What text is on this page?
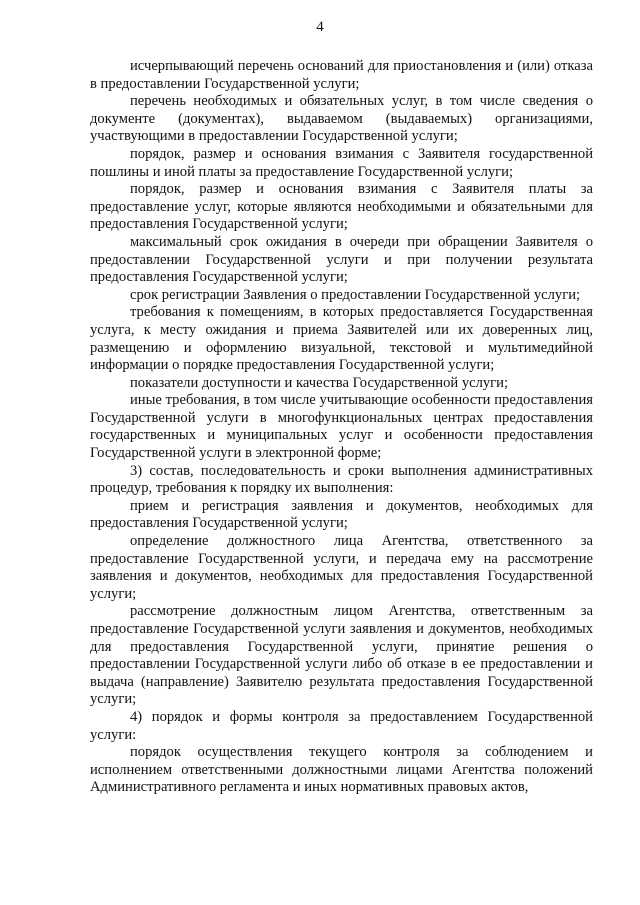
4

исчерпывающий перечень оснований для приостановления и (или) отказа в предоставлении Государственной услуги;

перечень необходимых и обязательных услуг, в том числе сведения о документе (документах), выдаваемом (выдаваемых) организациями, участвующими в предоставлении Государственной услуги;

порядок, размер и основания взимания с Заявителя государственной пошлины и иной платы за предоставление Государственной услуги;

порядок, размер и основания взимания с Заявителя платы за предоставление услуг, которые являются необходимыми и обязательными для предоставления Государственной услуги;

максимальный срок ожидания в очереди при обращении Заявителя о предоставлении Государственной услуги и при получении результата предоставления Государственной услуги;

срок регистрации Заявления о предоставлении Государственной услуги;

требования к помещениям, в которых предоставляется Государственная услуга, к месту ожидания и приема Заявителей или их доверенных лиц, размещению и оформлению визуальной, текстовой и мультимедийной информации о порядке предоставления Государственной услуги;

показатели доступности и качества Государственной услуги;

иные требования, в том числе учитывающие особенности предоставления Государственной услуги в многофункциональных центрах предоставления государственных и муниципальных услуг и особенности предоставления Государственной услуги в электронной форме;

3) состав, последовательность и сроки выполнения административных процедур, требования к порядку их выполнения:

прием и регистрация заявления и документов, необходимых для предоставления Государственной услуги;

определение должностного лица Агентства, ответственного за предоставление Государственной услуги, и передача ему на рассмотрение заявления и документов, необходимых для предоставления Государственной услуги;

рассмотрение должностным лицом Агентства, ответственным за предоставление Государственной услуги заявления и документов, необходимых для предоставления Государственной услуги, принятие решения о предоставлении Государственной услуги либо об отказе в ее предоставлении и выдача (направление) Заявителю результата предоставления Государственной услуги;

4) порядок и формы контроля за предоставлением Государственной услуги:

порядок осуществления текущего контроля за соблюдением и исполнением ответственными должностными лицами Агентства положений Административного регламента и иных нормативных правовых актов,
